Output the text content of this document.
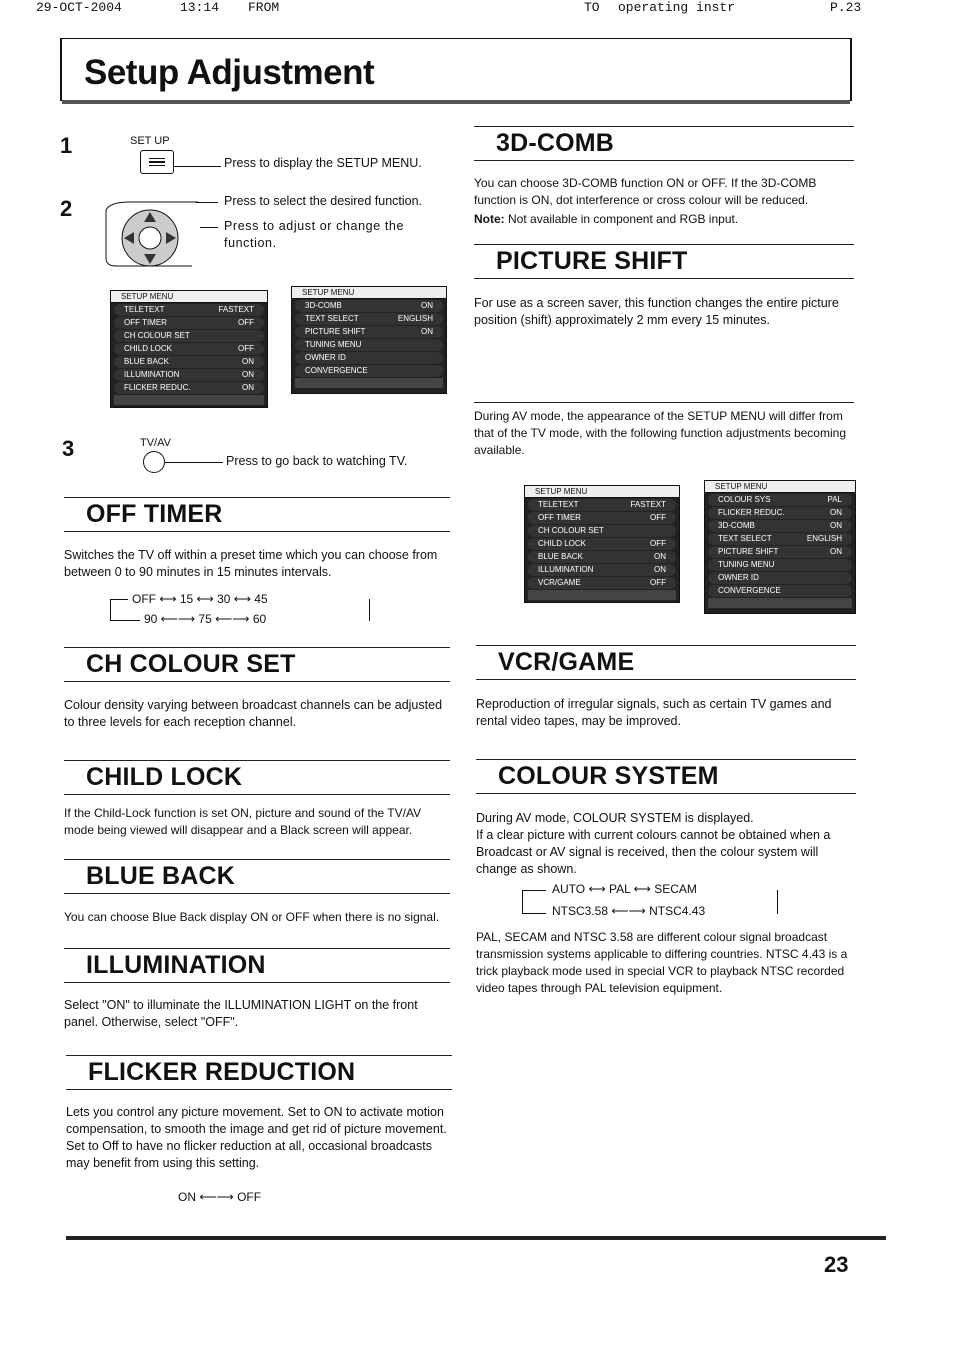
29-OCT-2004	13:14 FROM	TO operating instr	P.23
Setup Adjustment
1	SET UP
Press to display the SETUP MENU.
2	Press to select the desired function.
Press to adjust or change the function.
SETUP MENU
TELETEXT	FASTEXT
OFF TIMER	OFF
CH COLOUR SET
CHILD LOCK	OFF
BLUE BACK	ON
ILLUMINATION	ON
FLICKER REDUC.	ON
SETUP MENU
3D-COMB	ON
TEXT SELECT	ENGLISH
PICTURE SHIFT	ON
TUNING MENU
OWNER ID
CONVERGENCE
3	TV/AV
Press to go back to watching TV.
OFF TIMER
Switches the TV off within a preset time which you can choose from between 0 to 90 minutes in 15 minutes intervals.
OFF ⟷ 15 ⟷ 30 ⟷ 45
90 ⟵⟶ 75 ⟵⟶ 60
CH COLOUR SET
Colour density varying between broadcast channels can be adjusted to three levels for each reception channel.
CHILD LOCK
If the Child-Lock function is set ON, picture and sound of the TV/AV mode being viewed will disappear and a Black screen will appear.
BLUE BACK
You can choose Blue Back display ON or OFF when there is no signal.
ILLUMINATION
Select "ON" to illuminate the ILLUMINATION LIGHT on the front panel. Otherwise, select "OFF".
FLICKER REDUCTION
Lets you control any picture movement. Set to ON to activate motion compensation, to smooth the image and get rid of picture movement. Set to Off to have no flicker reduction at all, occasional broadcasts may benefit from using this setting.
ON ⟵⟶ OFF
3D-COMB
You can choose 3D-COMB function ON or OFF. If the 3D-COMB function is ON, dot interference or cross colour will be reduced.
Note: Not available in component and RGB input.
PICTURE SHIFT
For use as a screen saver, this function changes the entire picture position (shift) approximately 2 mm every 15 minutes.
During AV mode, the appearance of the SETUP MENU will differ from that of the TV mode, with the following function adjustments becoming available.
SETUP MENU
TELETEXT	FASTEXT
OFF TIMER	OFF
CH COLOUR SET
CHILD LOCK	OFF
BLUE BACK	ON
ILLUMINATION	ON
VCR/GAME	OFF
SETUP MENU
COLOUR SYS	PAL
FLICKER REDUC.	ON
3D-COMB	ON
TEXT SELECT	ENGLISH
PICTURE SHIFT	ON
TUNING MENU
OWNER ID
CONVERGENCE
VCR/GAME
Reproduction of irregular signals, such as certain TV games and rental video tapes, may be improved.
COLOUR SYSTEM
During AV mode, COLOUR SYSTEM is displayed.
If a clear picture with current colours cannot be obtained when a Broadcast or AV signal is received, then the colour system will change as shown.
AUTO ⟷ PAL ⟷ SECAM
NTSC3.58 ⟵⟶ NTSC4.43
PAL, SECAM and NTSC 3.58 are different colour signal broadcast transmission systems applicable to differing countries. NTSC 4.43 is a trick playback mode used in special VCR to playback NTSC recorded video tapes through PAL television equipment.
23
